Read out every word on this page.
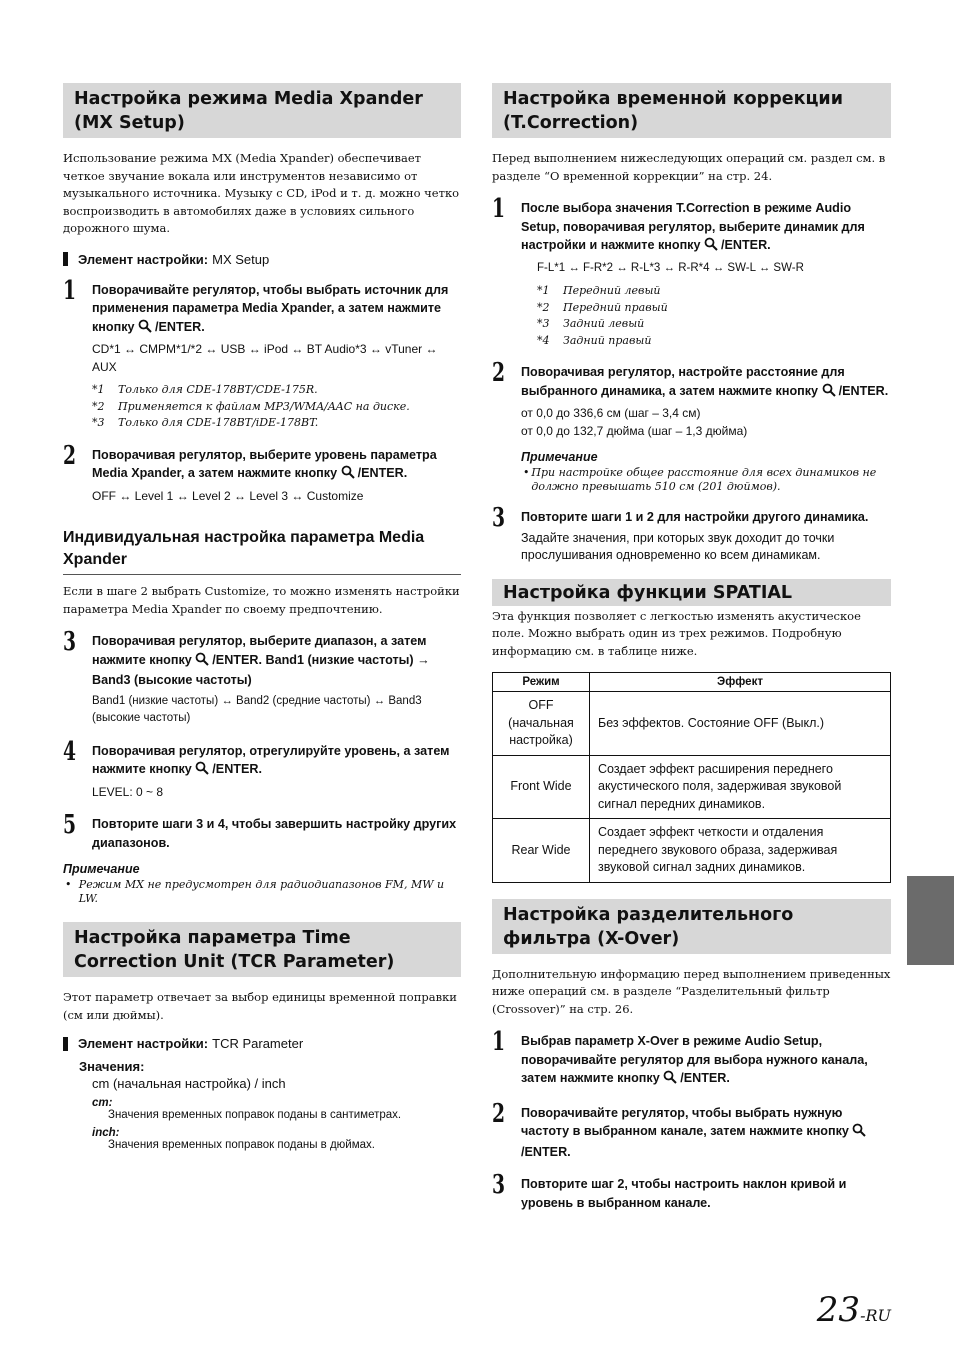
Настройка режима Media Xpander (MX Setup)

Использование режима MX (Media Xpander) обеспечивает четкое звучание вокала или инструментов независимо от музыкального источника. Музыку с CD, iPod и т. д. можно четко воспроизводить в автомобилях даже в условиях сильного дорожного шума.

Элемент настройки: MX Setup
1 Поворачивайте регулятор, чтобы выбрать источник для применения параметра Media Xpander, а затем нажмите кнопку /ENTER.
CD*1 ↔ CMPM*1/*2 ↔ USB ↔ iPod ↔ BT Audio*3 ↔ vTuner ↔ AUX
*1	Только для CDE-178BT/CDE-175R.
*2	Применяется к файлам MP3/WMA/AAC на диске.
*3	Только для CDE-178BT/iDE-178BT.
2 Поворачивая регулятор, выберите уровень параметра Media Xpander, а затем нажмите кнопку /ENTER.
OFF ↔ Level 1 ↔ Level 2 ↔ Level 3 ↔ Customize
Индивидуальная настройка параметра Media Xpander

Если в шаге 2 выбрать Customize, то можно изменять настройки параметра Media Xpander по своему предпочтению.

3 Поворачивая регулятор, выберите диапазон, а затем нажмите кнопку /ENTER. Band1 (низкие частоты) → Band3 (высокие частоты)
Band1 (низкие частоты) ↔ Band2 (средние частоты) ↔ Band3 (высокие частоты)
4 Поворачивая регулятор, отрегулируйте уровень, а затем нажмите кнопку /ENTER.
LEVEL: 0 ~ 8
5 Повторите шаги 3 и 4, чтобы завершить настройку других диапазонов.
Примечание
• Режим MX не предусмотрен для радиодиапазонов FM, MW и LW.
Настройка параметра Time Correction Unit (TCR Parameter)

Этот параметр отвечает за выбор единицы временной поправки (см или дюймы).

Элемент настройки: TCR Parameter
Значения:
cm (начальная настройка) / inch
cm:
Значения временных поправок поданы в сантиметрах.
inch:
Значения временных поправок поданы в дюймах.
Настройка временной коррекции (T.Correction)

Перед выполнением нижеследующих операций см. раздел см. в разделе “О временной коррекции” на стр. 24.

1 После выбора значения T.Correction в режиме Audio Setup, поворачивая регулятор, выберите динамик для настройки и нажмите кнопку /ENTER.
F-L*1 ↔ F-R*2 ↔ R-L*3 ↔ R-R*4 ↔ SW-L ↔ SW-R
*1	Передний левый
*2	Передний правый
*3	Задний левый
*4	Задний правый
2 Поворачивая регулятор, настройте расстояние для выбранного динамика, а затем нажмите кнопку /ENTER.
от 0,0 до 336,6 см (шаг – 3,4 см)
от 0,0 до 132,7 дюйма (шаг – 1,3 дюйма)
Примечание
• При настройке общее расстояние для всех динамиков не должно превышать 510 см (201 дюймов).
3 Повторите шаги 1 и 2 для настройки другого динамика.
Задайте значения, при которых звук доходит до точки прослушивания одновременно ко всем динамикам.
Настройка функции SPATIAL

Эта функция позволяет с легкостью изменять акустическое поле. Можно выбрать один из трех режимов. Подробную информацию см. в таблице ниже.

Режим	Эффект
OFF (начальная настройка)	Без эффектов. Состояние OFF (Выкл.)
Front Wide	Создает эффект расширения переднего акустического поля, задерживая звуковой сигнал передних динамиков.
Rear Wide	Создает эффект четкости и отдаления переднего звукового образа, задерживая звуковой сигнал задних динамиков.
Настройка разделительного фильтра (X-Over)

Дополнительную информацию перед выполнением приведенных ниже операций см. в разделе “Разделительный фильтр (Crossover)” на стр. 26.

1 Выбрав параметр X-Over в режиме Audio Setup, поворачивайте регулятор для выбора нужного канала, затем нажмите кнопку /ENTER.
2 Поворачивайте регулятор, чтобы выбрать нужную частоту в выбранном канале, затем нажмите кнопку /ENTER.
3 Повторите шаг 2, чтобы настроить наклон кривой и уровень в выбранном канале.
23-RU
